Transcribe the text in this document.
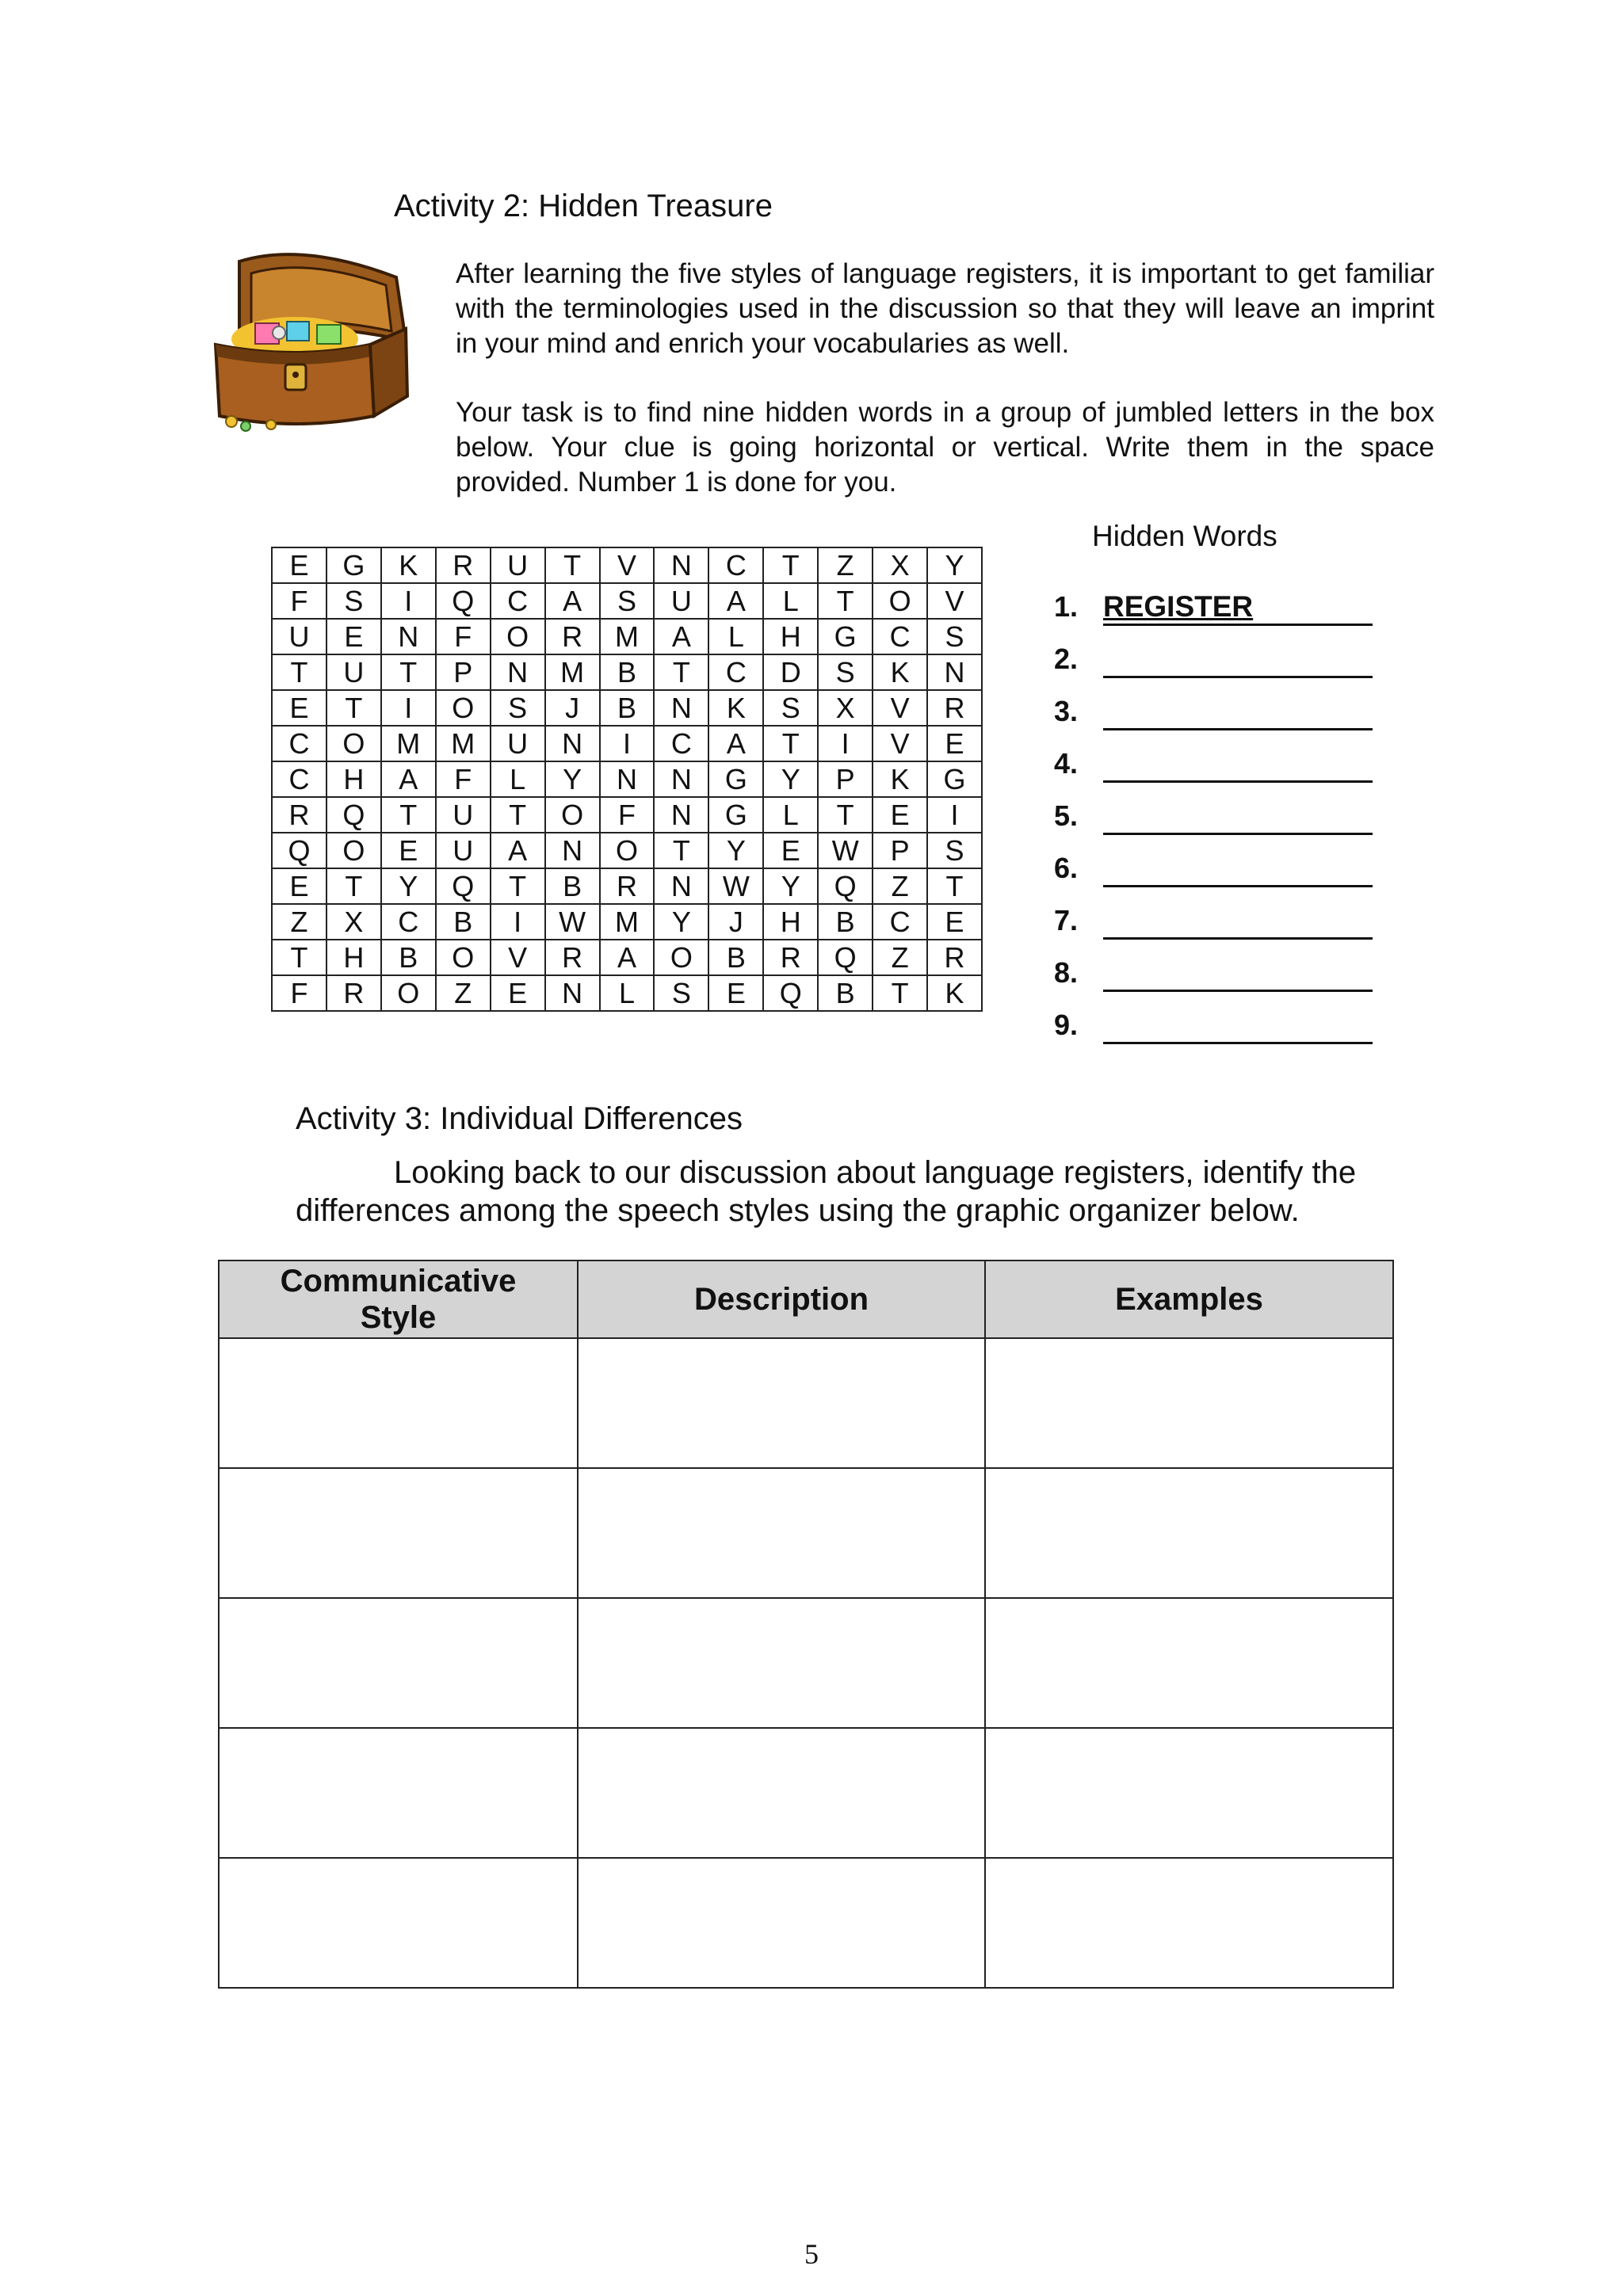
Activity 2: Hidden Treasure
After learning the five styles of language registers, it is important to get familiar with the terminologies used in the discussion so that they will leave an imprint in your mind and enrich your vocabularies as well.
Your task is to find nine hidden words in a group of jumbled letters in the box below. Your clue is going horizontal or vertical. Write them in the space provided. Number 1 is done for you.
E	G	K	R	U	T	V	N	C	T	Z	X	Y
F	S	I	Q	C	A	S	U	A	L	T	O	V
U	E	N	F	O	R	M	A	L	H	G	C	S
T	U	T	P	N	M	B	T	C	D	S	K	N
E	T	I	O	S	J	B	N	K	S	X	V	R
C	O	M	M	U	N	I	C	A	T	I	V	E
C	H	A	F	L	Y	N	N	G	Y	P	K	G
R	Q	T	U	T	O	F	N	G	L	T	E	I
Q	O	E	U	A	N	O	T	Y	E	W	P	S
E	T	Y	Q	T	B	R	N	W	Y	Q	Z	T
Z	X	C	B	I	W	M	Y	J	H	B	C	E
T	H	B	O	V	R	A	O	B	R	Q	Z	R
F	R	O	Z	E	N	L	S	E	Q	B	T	K
Hidden Words
1. REGISTER
2.
3.
4.
5.
6.
7.
8.
9.
Activity 3: Individual Differences
Looking back to our discussion about language registers, identify the differences among the speech styles using the graphic organizer below.
Communicative Style	Description	Examples

5
